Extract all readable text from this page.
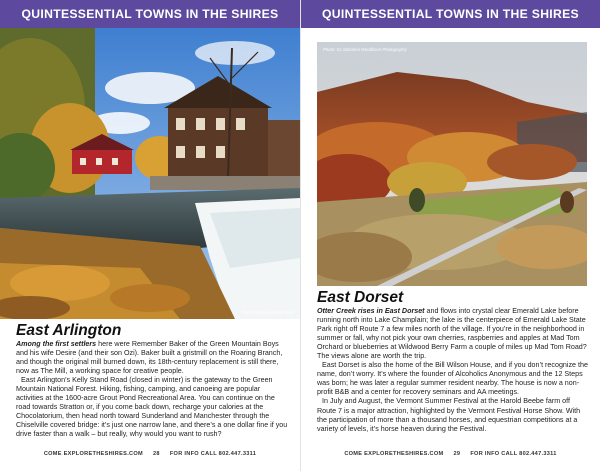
QUINTESSENTIAL TOWNS IN THE SHIRES
Photo courtesy of Mill Pond
East Arlington

Among the first settlers here were Remember Baker of the Green Mountain Boys and his wife Desire (and their son Ozi). Baker built a gristmill on the Roaring Branch, and though the original mill burned down, its 18th-century replacement is still there, now as The Mill, a working space for creative people.

East Arlington’s Kelly Stand Road (closed in winter) is the gateway to the Green Mountain National Forest. Hiking, fishing, camping, and canoeing are popular activities at the 1600-acre Grout Pond Recreational Area. You can continue on the road towards Stratton or, if you come back down, recharge your calories at the Chocolatorium, then head north toward Sunderland and Manchester through the Chiselville covered bridge: it’s just one narrow lane, and there’s a one dollar fine if you drive faster than a walk – but really, why would you want to rush?

COME EXPLORETHESHIRES.COM 28 FOR INFO CALL 802.447.3311
QUINTESSENTIAL TOWNS IN THE SHIRES
Photo: Ira Sobotoni Woolbison Photography
East Dorset

Otter Creek rises in East Dorset and flows into crystal clear Emerald Lake before running north into Lake Champlain; the lake is the centerpiece of Emerald Lake State Park right off Route 7 a few miles north of the village. If you’re in the neighborhood in summer or fall, why not pick your own cherries, raspberries and apples at Mad Tom Orchard or blueberries at Wildwood Berry Farm a couple of miles up Mad Tom Road? The views alone are worth the trip.

East Dorset is also the home of the Bill Wilson House, and if you don’t recognize the name, don’t worry. It’s where the founder of Alcoholics Anonymous and the 12 Steps was born; he was later a regular summer resident nearby. The house is now a non-profit B&B and a center for recovery seminars and AA meetings.

In July and August, the Vermont Summer Festival at the Harold Beebe farm off Route 7 is a major attraction, highlighted by the Vermont Festival Horse Show. With the participation of more than a thousand horses, and equestrian competitions at a variety of levels, it’s horse heaven during the Festival.

COME EXPLORETHESHIRES.COM 29 FOR INFO CALL 802.447.3311
